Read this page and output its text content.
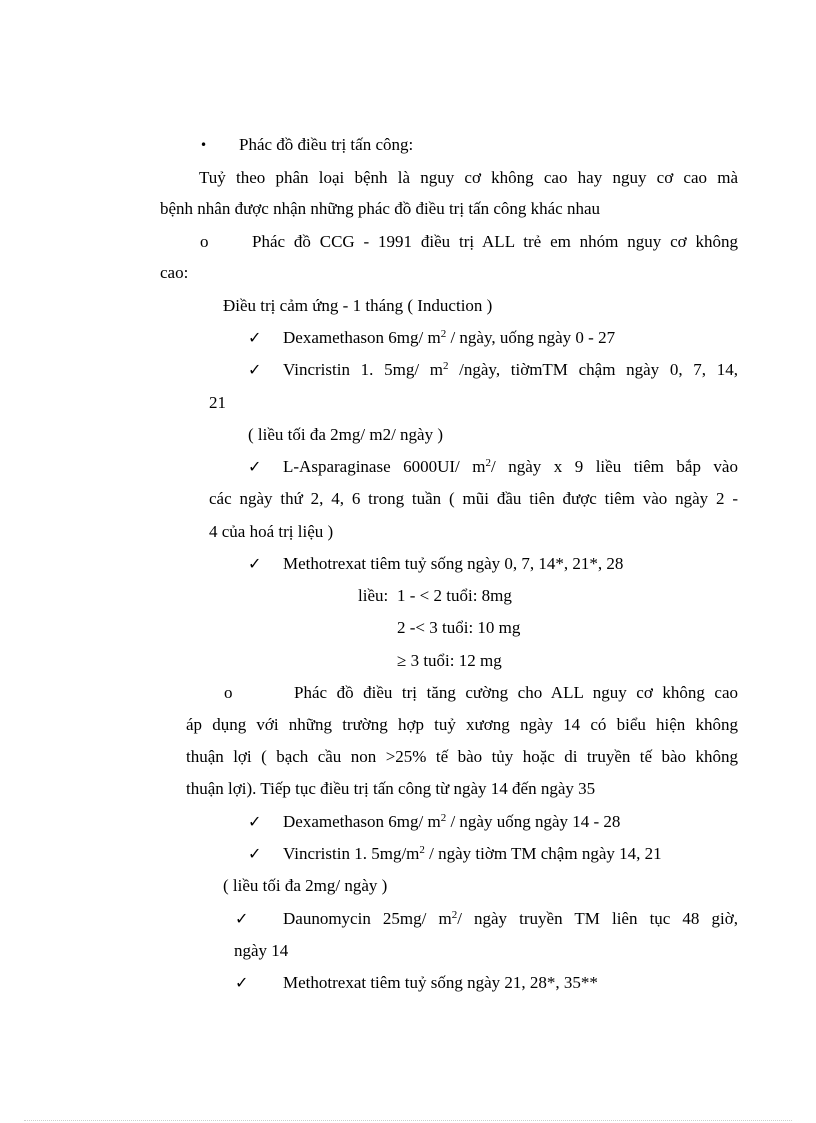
• Phác đồ điều trị tấn công:
Tuỷ theo phân loại bệnh là nguy cơ không cao hay nguy cơ cao mà
bệnh nhân được nhận những phác đồ điều trị tấn công khác nhau
o	Phác đồ CCG - 1991 điều trị ALL trẻ em nhóm nguy cơ không
cao:
Điều trị cảm ứng - 1 tháng ( Induction )
✓ Dexamethason 6mg/ $m^2$ / ngày, uống ngày 0 - 27
✓ Vincristin 1. 5mg/ $m^2$ /ngày, tiờmTM chậm ngày 0, 7, 14,
21
( liều tối đa 2mg/ m2/ ngày )
✓ L-Asparaginase 6000UI/ $m^2/$ ngày x 9 liều tiêm bắp vào
các ngày thứ 2, 4, 6 trong tuần ( mũi đầu tiên được tiêm vào ngày 2 -
4 của hoá trị liệu )
✓ Methotrexat tiêm tuỷ sống ngày 0, 7, 14*, 21*, 28
liều: 1 - < 2 tuổi: 8mg
2 -< 3 tuổi: 10 mg
≥ 3 tuổi: 12 mg
o	Phác đồ điều trị tăng cường cho ALL nguy cơ không cao
áp dụng với những trường hợp tuỷ xương ngày 14 có biểu hiện không
thuận lợi ( bạch cầu non >25% tế bào tủy hoặc di truyền tế bào không
thuận lợi). Tiếp tục điều trị tấn công từ ngày 14 đến ngày 35
✓ Dexamethason 6mg/ $m^2$ / ngày uống ngày 14 - 28
✓ Vincristin 1. $5mg/m^2$ / ngày tiờm TM chậm ngày 14, 21
( liều tối đa 2mg/ ngày )
✓ Daunomycin 25mg/ $m^2/$ ngày truyền TM liên tục 48 giờ,
ngày 14
✓ Methotrexat tiêm tuỷ sống ngày 21, 28*, 35**
